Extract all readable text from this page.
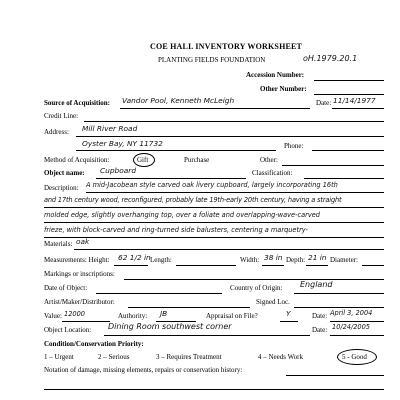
COE HALL INVENTORY WORKSHEET
PLANTING FIELDS FOUNDATION	oH.1979.20.1
Accession Number:
Other Number:
Source of Acquisition: Vandor Pool, Kenneth McLeigh	Date: 11/14/1977
Credit Line:
Address: Mill River Road
Oyster Bay, NY 11732	Phone:
Method of Acquisition:	Gift	Purchase	Other:
Object name: Cupboard	Classification:
Description: A mid-Jacobean style carved oak livery cupboard, largely incorporating 16th
and 17th century wood, reconfigured, probably late 19th-early 20th century, having a straight
molded edge, slightly overhanging top, over a foliate and overlapping-wave-carved
frieze, with block-carved and ring-turned side balusters, centering a marquetry-
Materials: oak
Measurements: Height: 62 1/2 in Length:	Width: 38 in Depth: 21 in Diameter:
Markings or inscriptions:
Date of Object:	Country of Origin: England
Artist/Maker/Distributor:	Signed Loc.
Value: 12000	Authority: JB	Appraisal on File?	Y	Date: April 3, 2004
Object Location: Dining Room southwest corner	Date: 10/24/2005
Condition/Conservation Priority:
1 – Urgent	2 – Serious	3 – Requires Treatment	4 – Needs Work	5 - Good
Notation of damage, missing elements, repairs or conservation history:
